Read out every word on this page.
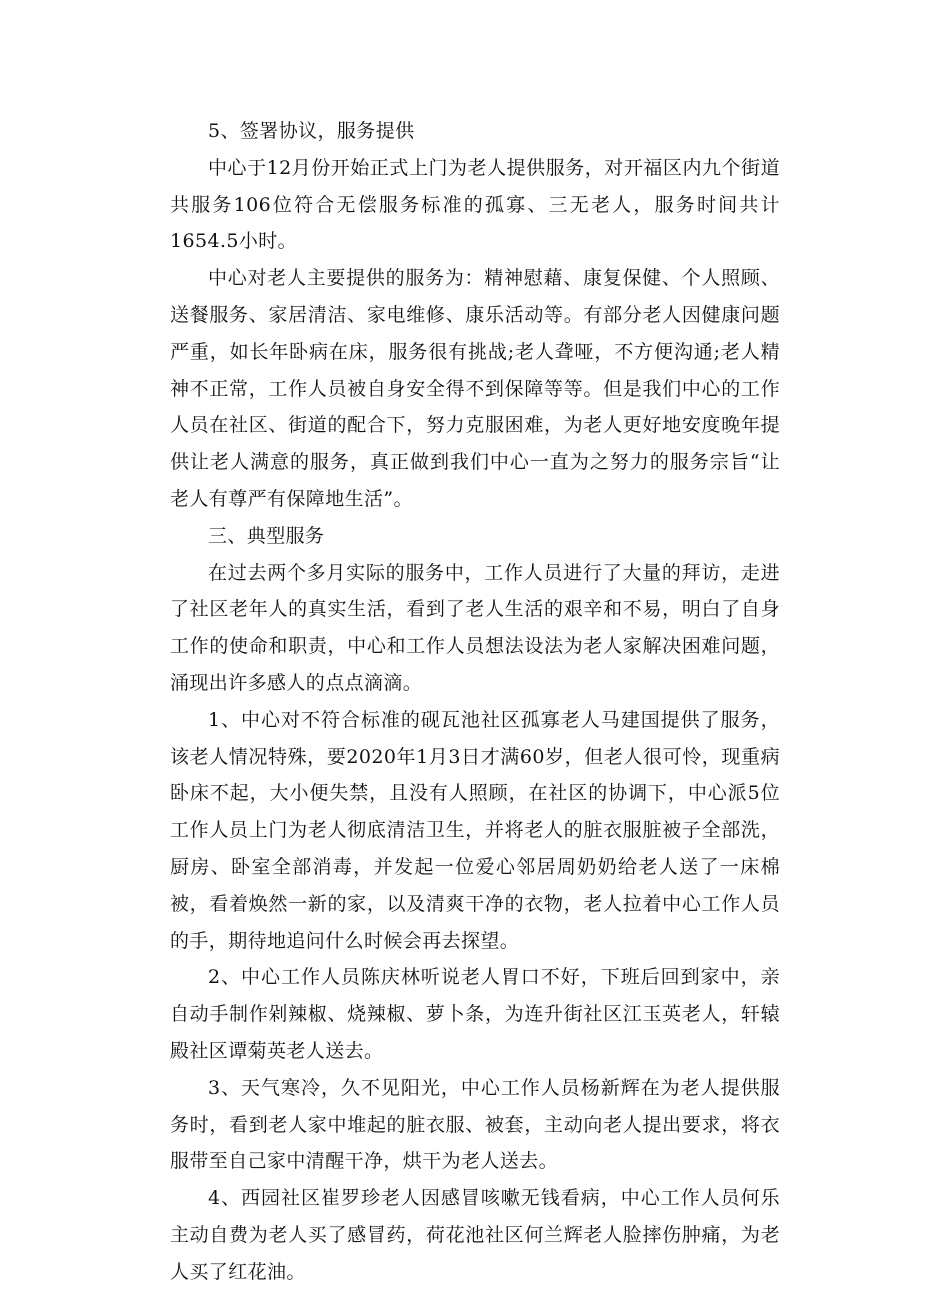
5、签署协议，服务提供

中心于12月份开始正式上门为老人提供服务，对开福区内九个街道共服务106位符合无偿服务标准的孤寡、三无老人，服务时间共计1654.5小时。

中心对老人主要提供的服务为：精神慰藉、康复保健、个人照顾、送餐服务、家居清洁、家电维修、康乐活动等。有部分老人因健康问题严重，如长年卧病在床，服务很有挑战;老人聋哑，不方便沟通;老人精神不正常，工作人员被自身安全得不到保障等等。但是我们中心的工作人员在社区、街道的配合下，努力克服困难，为老人更好地安度晚年提供让老人满意的服务，真正做到我们中心一直为之努力的服务宗旨“让老人有尊严有保障地生活”。

三、典型服务

在过去两个多月实际的服务中，工作人员进行了大量的拜访，走进了社区老年人的真实生活，看到了老人生活的艰辛和不易，明白了自身工作的使命和职责，中心和工作人员想法设法为老人家解决困难问题，涌现出许多感人的点点滴滴。

1、中心对不符合标准的砚瓦池社区孤寡老人马建国提供了服务，该老人情况特殊，要2020年1月3日才满60岁，但老人很可怜，现重病卧床不起，大小便失禁，且没有人照顾，在社区的协调下，中心派5位工作人员上门为老人彻底清洁卫生，并将老人的脏衣服脏被子全部洗，厨房、卧室全部消毒，并发起一位爱心邻居周奶奶给老人送了一床棉被，看着焕然一新的家，以及清爽干净的衣物，老人拉着中心工作人员的手，期待地追问什么时候会再去探望。

2、中心工作人员陈庆林听说老人胃口不好，下班后回到家中，亲自动手制作剁辣椒、烧辣椒、萝卜条，为连升街社区江玉英老人，轩辕殿社区谭菊英老人送去。

3、天气寒冷，久不见阳光，中心工作人员杨新辉在为老人提供服务时，看到老人家中堆起的脏衣服、被套，主动向老人提出要求，将衣服带至自己家中清醒干净，烘干为老人送去。

4、西园社区崔罗珍老人因感冒咳嗽无钱看病，中心工作人员何乐主动自费为老人买了感冒药，荷花池社区何兰辉老人脸摔伤肿痛，为老人买了红花油。
